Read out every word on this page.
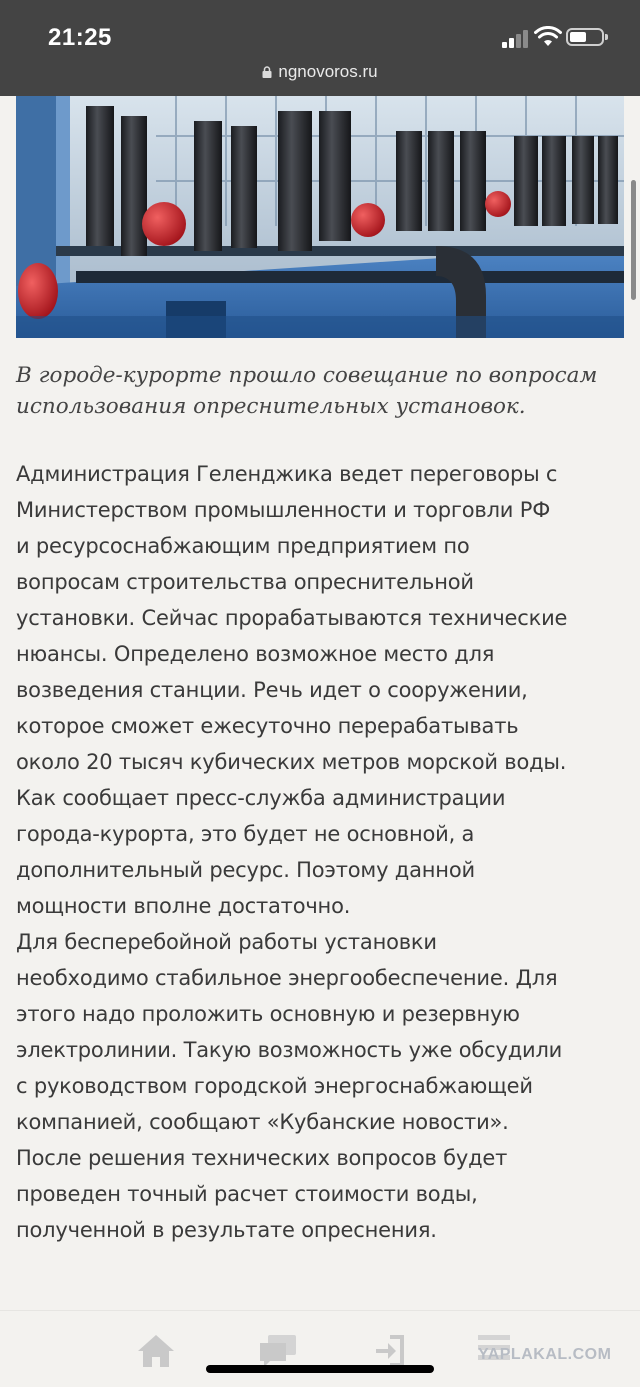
21:25
ngnovoros.ru

В городе-курорте прошло совещание по вопросам

использования опреснительных установок.

Администрация Геленджика ведет переговоры с
Министерством промышленности и торговли РФ
и ресурсоснабжающим предприятием по
вопросам строительства опреснительной
установки. Сейчас прорабатываются технические
нюансы. Определено возможное место для
возведения станции. Речь идет о сооружении,
которое сможет ежесуточно перерабатывать
около 20 тысяч кубических метров морской воды.
Как сообщает пресс-служба администрации
города-курорта, это будет не основной, а
дополнительный ресурс. Поэтому данной
мощности вполне достаточно.
Для бесперебойной работы установки
необходимо стабильное энергообеспечение. Для
этого надо проложить основную и резервную
электролинии. Такую возможность уже обсудили
с руководством городской энергоснабжающей
компанией, сообщают «Кубанские новости».
После решения технических вопросов будет
проведен точный расчет стоимости воды,
полученной в результате опреснения.
YAPLAKAL.COM
